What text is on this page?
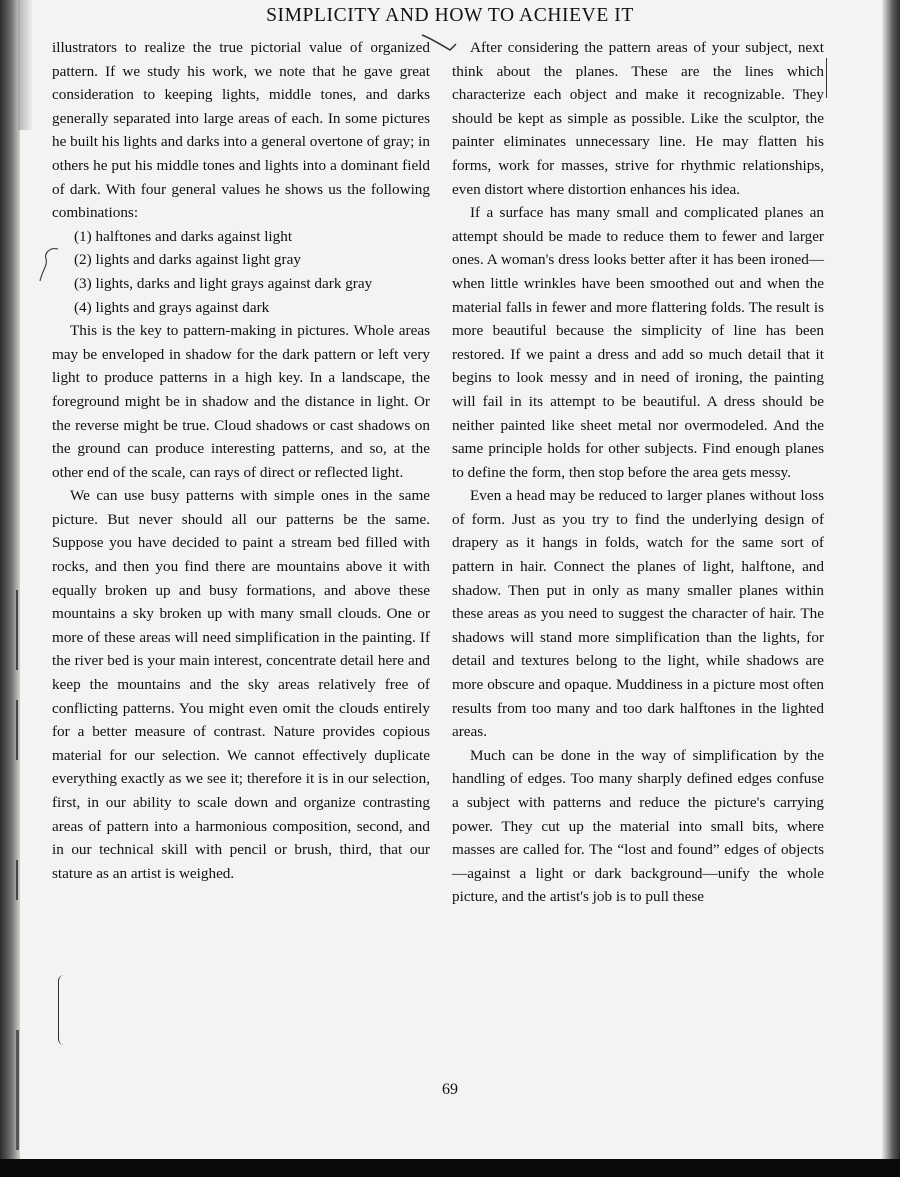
SIMPLICITY AND HOW TO ACHIEVE IT

illustrators to realize the true pictorial value of organized pattern. If we study his work, we note that he gave great consideration to keeping lights, middle tones, and darks generally separated into large areas of each. In some pictures he built his lights and darks into a general overtone of gray; in others he put his middle tones and lights into a dominant field of dark. With four general values he shows us the following combinations:

(1) halftones and darks against light

(2) lights and darks against light gray

(3) lights, darks and light grays against dark gray

(4) lights and grays against dark

This is the key to pattern-making in pictures. Whole areas may be enveloped in shadow for the dark pattern or left very light to produce patterns in a high key. In a landscape, the foreground might be in shadow and the distance in light. Or the reverse might be true. Cloud shadows or cast shadows on the ground can produce interesting patterns, and so, at the other end of the scale, can rays of direct or reflected light.

We can use busy patterns with simple ones in the same picture. But never should all our patterns be the same. Suppose you have decided to paint a stream bed filled with rocks, and then you find there are mountains above it with equally broken up and busy formations, and above these mountains a sky broken up with many small clouds. One or more of these areas will need simplification in the painting. If the river bed is your main interest, concentrate detail here and keep the mountains and the sky areas relatively free of conflicting patterns. You might even omit the clouds entirely for a better measure of contrast. Nature provides copious material for our selection. We cannot effectively duplicate everything exactly as we see it; therefore it is in our selection, first, in our ability to scale down and organize contrasting areas of pattern into a harmonious composition, second, and in our technical skill with pencil or brush, third, that our stature as an artist is weighed.

After considering the pattern areas of your subject, next think about the planes. These are the lines which characterize each object and make it recognizable. They should be kept as simple as possible. Like the sculptor, the painter eliminates unnecessary line. He may flatten his forms, work for masses, strive for rhythmic relationships, even distort where distortion enhances his idea.

If a surface has many small and complicated planes an attempt should be made to reduce them to fewer and larger ones. A woman's dress looks better after it has been ironed—when little wrinkles have been smoothed out and when the material falls in fewer and more flattering folds. The result is more beautiful because the simplicity of line has been restored. If we paint a dress and add so much detail that it begins to look messy and in need of ironing, the painting will fail in its attempt to be beautiful. A dress should be neither painted like sheet metal nor overmodeled. And the same principle holds for other subjects. Find enough planes to define the form, then stop before the area gets messy.

Even a head may be reduced to larger planes without loss of form. Just as you try to find the underlying design of drapery as it hangs in folds, watch for the same sort of pattern in hair. Connect the planes of light, halftone, and shadow. Then put in only as many smaller planes within these areas as you need to suggest the character of hair. The shadows will stand more simplification than the lights, for detail and textures belong to the light, while shadows are more obscure and opaque. Muddiness in a picture most often results from too many and too dark halftones in the lighted areas.

Much can be done in the way of simplification by the handling of edges. Too many sharply defined edges confuse a subject with patterns and reduce the picture's carrying power. They cut up the material into small bits, where masses are called for. The “lost and found” edges of objects —against a light or dark background—unify the whole picture, and the artist's job is to pull these

69
